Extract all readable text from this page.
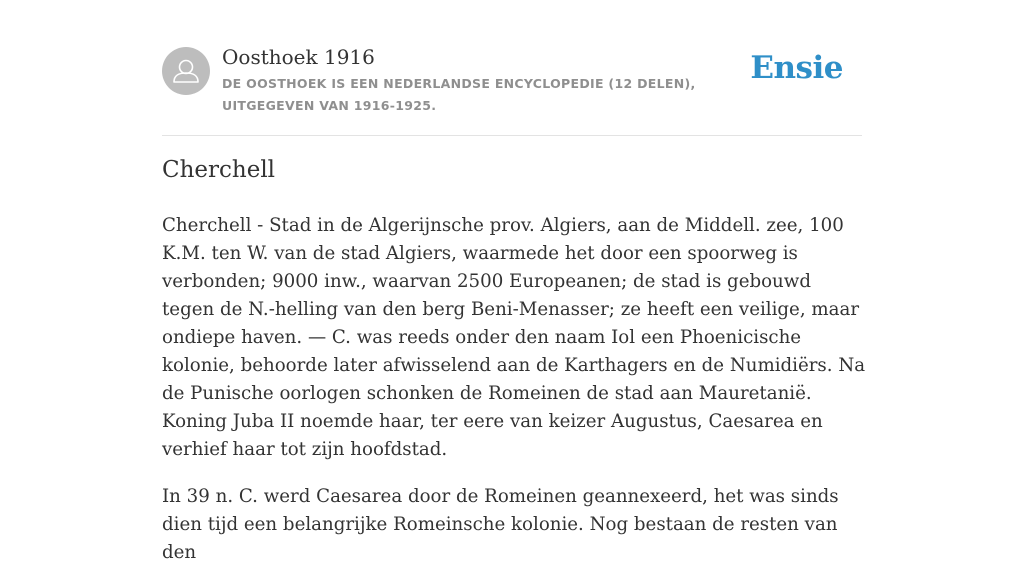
Oosthoek 1916
DE OOSTHOEK IS EEN NEDERLANDSE ENCYCLOPEDIE (12 DELEN), UITGEGEVEN VAN 1916-1925.
Ensie
Cherchell

Cherchell - Stad in de Algerijnsche prov. Algiers, aan de Middell. zee, 100 K.M. ten W. van de stad Algiers, waarmede het door een spoorweg is verbonden; 9000 inw., waarvan 2500 Europeanen; de stad is gebouwd tegen de N.-helling van den berg Beni-Menasser; ze heeft een veilige, maar ondiepe haven. — C. was reeds onder den naam Iol een Phoenicische kolonie, behoorde later afwisselend aan de Karthagers en de Numidiërs. Na de Punische oorlogen schonken de Romeinen de stad aan Mauretanië. Koning Juba II noemde haar, ter eere van keizer Augustus, Caesarea en verhief haar tot zijn hoofdstad.

In 39 n. C. werd Caesarea door de Romeinen geannexeerd, het was sinds dien tijd een belangrijke Romeinsche kolonie. Nog bestaan de resten van den
